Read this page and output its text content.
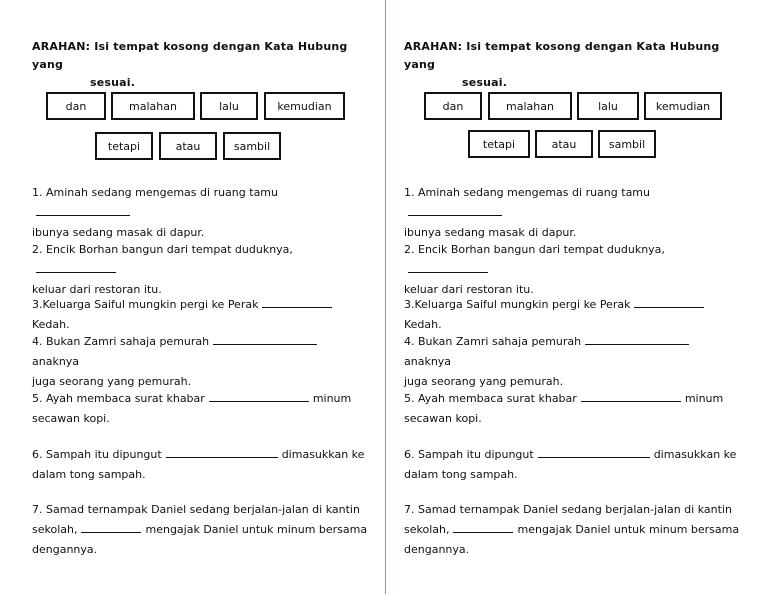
ARAHAN: Isi tempat kosong dengan Kata Hubung yang
sesuai.
dan	malahan	lalu	kemudian
tetapi	atau	sambil
1. Aminah sedang mengemas di ruang tamu
ibunya sedang masak di dapur.
2. Encik Borhan bangun dari tempat duduknya,
keluar dari restoran itu.
3.Keluarga Saiful mungkin pergi ke PerakKedah.
4. Bukan Zamri sahaja pemurahanaknya
juga seorang yang pemurah.
5. Ayah membaca surat khabar	minum
secawan kopi.
6. Sampah itu dipungut	dimasukkan ke
dalam tong sampah.
7. Samad ternampak Daniel sedang berjalan-jalan di kantin
sekolah,	mengajak Daniel untuk minum bersama
dengannya.
ARAHAN: Isi tempat kosong dengan Kata Hubung yang
sesuai.
dan	malahan	lalu	kemudian
tetapi	atau	sambil
1. Aminah sedang mengemas di ruang tamu
ibunya sedang masak di dapur.
2. Encik Borhan bangun dari tempat duduknya,
keluar dari restoran itu.
3.Keluarga Saiful mungkin pergi ke PerakKedah.
4. Bukan Zamri sahaja pemurahanaknya
juga seorang yang pemurah.
5. Ayah membaca surat khabar	minum
secawan kopi.
6. Sampah itu dipungut	dimasukkan ke
dalam tong sampah.
7. Samad ternampak Daniel sedang berjalan-jalan di kantin
sekolah,	mengajak Daniel untuk minum bersama
dengannya.
